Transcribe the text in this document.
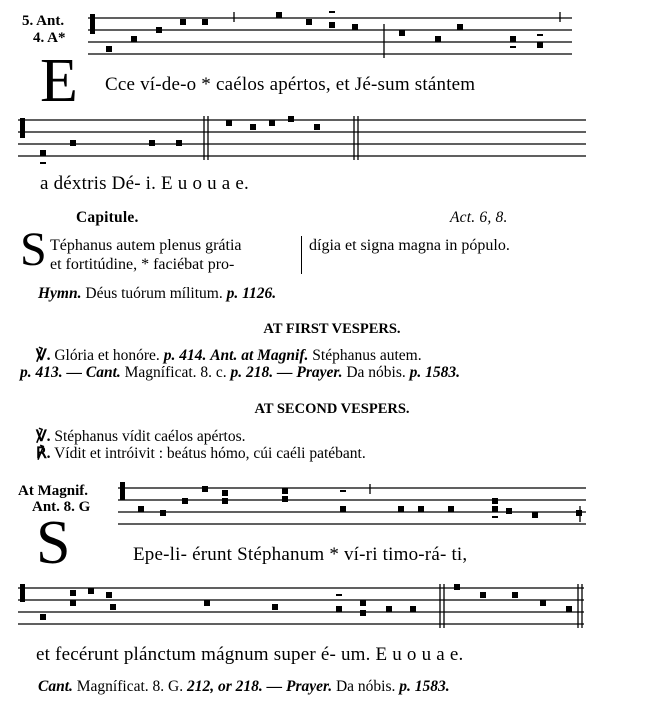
5. Ant.
4. A*
E Cce ví-de-o * caélos apértos, et Jé-sum stántem
a déxtris Dé- i. E u o u a e.
Capitule.	Act. 6, 8.
S Téphanus autem plenus grátia
et fortitúdine, * faciébat pro-
dígia et signa magna in pópulo.
Hymn. Déus tuórum mílitum. p. 1126.
AT FIRST VESPERS.
℣. Glória et honóre. p. 414. Ant. at Magnif. Stéphanus autem.
p. 413. — Cant. Magníficat. 8. c. p. 218. — Prayer. Da nóbis. p. 1583.
AT SECOND VESPERS.
℣. Stéphanus vídit caélos apértos.
℟. Vídit et intróivit : beátus hómo, cúi caéli patébant.
At Magnif.
Ant. 8. G
S	Epe-li- érunt Stéphanum * ví-ri timo-rá- ti,
et fecérunt plánctum mágnum super é- um. E u o u a e.
Cant. Magníficat. 8. G. 212, or 218. — Prayer. Da nóbis. p. 1583.
